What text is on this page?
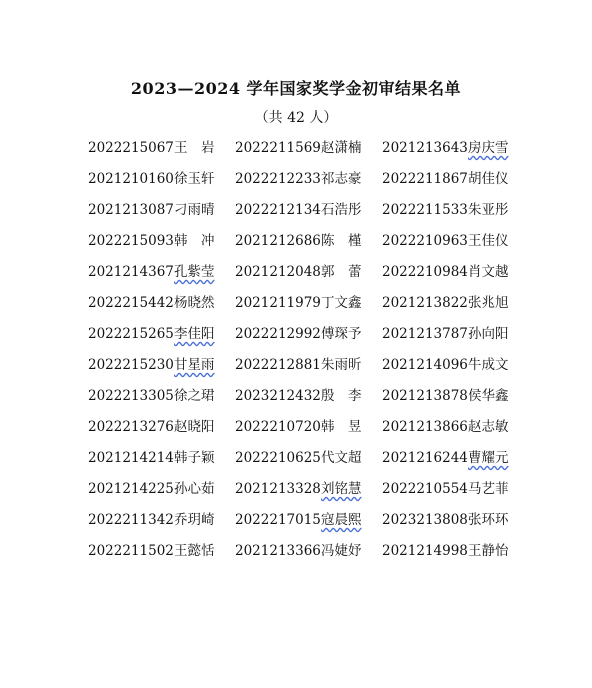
2023—2024 学年国家奖学金初审结果名单
（共 42 人）
2022215067王　岩
2021210160徐玉轩
2021213087刁雨晴
2022215093韩　冲
2021214367孔紫莹
2022215442杨晓然
2022215265李佳阳
2022215230甘星雨
2022213305徐之珺
2022213276赵晓阳
2021214214韩子颖
2021214225孙心茹
2022211342乔玥崎
2022211502王懿恬
2022211569赵潇楠
2022212233祁志豪
2022212134石浩彤
2021212686陈　槿
2021212048郭　蕾
2021211979丁文鑫
2022212992傅琛予
2022212881朱雨昕
2023212432殷　李
2022210720韩　昱
2022210625代文超
2021213328刘铭慧
2022217015寇晨熙
2021213366冯婕妤
2021213643房庆雪
2022211867胡佳仪
2022211533朱亚彤
2022210963王佳仪
2022210984肖文越
2021213822张兆旭
2021213787孙向阳
2021214096牛成文
2021213878侯华鑫
2021213866赵志敏
2021216244曹耀元
2022210554马艺菲
2023213808张环环
2021214998王静怡
